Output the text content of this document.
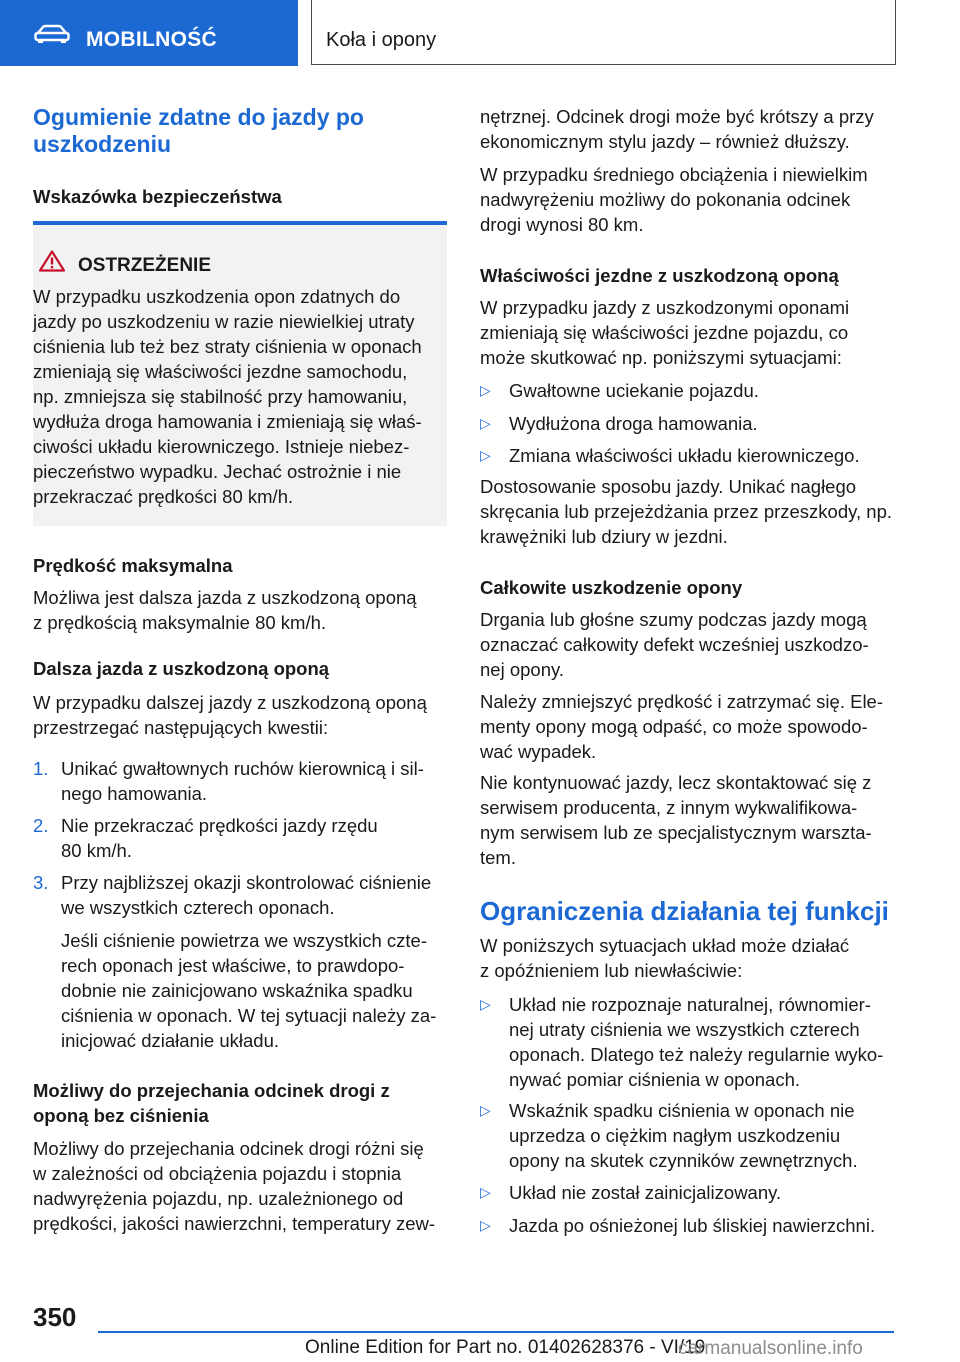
MOBILNOŚĆ	Koła i opony
Ogumienie zdatne do jazdy po uszkodzeniu
Wskazówka bezpieczeństwa
OSTRZEŻENIE
W przypadku uszkodzenia opon zdatnych do
jazdy po uszkodzeniu w razie niewielkiej utraty
ciśnienia lub też bez straty ciśnienia w oponach
zmieniają się właściwości jezdne samochodu,
np. zmniejsza się stabilność przy hamowaniu,
wydłuża droga hamowania i zmieniają się właś-
ciwości układu kierowniczego. Istnieje niebez-
pieczeństwo wypadku. Jechać ostrożnie i nie
przekraczać prędkości 80 km/h.
Prędkość maksymalna
Możliwa jest dalsza jazda z uszkodzoną oponą
z prędkością maksymalnie 80 km/h.
Dalsza jazda z uszkodzoną oponą
W przypadku dalszej jazdy z uszkodzoną oponą
przestrzegać następujących kwestii:
1. Unikać gwałtownych ruchów kierownicą i sil-
nego hamowania.
2. Nie przekraczać prędkości jazdy rzędu
80 km/h.
3. Przy najbliższej okazji skontrolować ciśnienie
we wszystkich czterech oponach.
Jeśli ciśnienie powietrza we wszystkich czte-
rech oponach jest właściwe, to prawdopo-
dobnie nie zainicjowano wskaźnika spadku
ciśnienia w oponach. W tej sytuacji należy za-
inicjować działanie układu.
Możliwy do przejechania odcinek drogi z
oponą bez ciśnienia
Możliwy do przejechania odcinek drogi różni się
w zależności od obciążenia pojazdu i stopnia
nadwyrężenia pojazdu, np. uzależnionego od
prędkości, jakości nawierzchni, temperatury zew-
nętrznej. Odcinek drogi może być krótszy a przy
ekonomicznym stylu jazdy – również dłuższy.
W przypadku średniego obciążenia i niewielkim
nadwyrężeniu możliwy do pokonania odcinek
drogi wynosi 80 km.
Właściwości jezdne z uszkodzoną oponą
W przypadku jazdy z uszkodzonymi oponami
zmieniają się właściwości jezdne pojazdu, co
może skutkować np. poniższymi sytuacjami:
▷ Gwałtowne uciekanie pojazdu.
▷ Wydłużona droga hamowania.
▷ Zmiana właściwości układu kierowniczego.
Dostosowanie sposobu jazdy. Unikać nagłego
skręcania lub przejeżdżania przez przeszkody, np.
krawężniki lub dziury w jezdni.
Całkowite uszkodzenie opony
Drgania lub głośne szumy podczas jazdy mogą
oznaczać całkowity defekt wcześniej uszkodzo-
nej opony.
Należy zmniejszyć prędkość i zatrzymać się. Ele-
menty opony mogą odpaść, co może spowodo-
wać wypadek.
Nie kontynuować jazdy, lecz skontaktować się z
serwisem producenta, z innym wykwalifikowa-
nym serwisem lub ze specjalistycznym warszta-
tem.
Ograniczenia działania tej funkcji
W poniższych sytuacjach układ może działać
z opóźnieniem lub niewłaściwie:
▷ Układ nie rozpoznaje naturalnej, równomier-
nej utraty ciśnienia we wszystkich czterech
oponach. Dlatego też należy regularnie wyko-
nywać pomiar ciśnienia w oponach.
▷ Wskaźnik spadku ciśnienia w oponach nie
uprzedza o ciężkim nagłym uszkodzeniu
opony na skutek czynników zewnętrznych.
▷ Układ nie został zainicjalizowany.
▷ Jazda po ośnieżonej lub śliskiej nawierzchni.
350
Online Edition for Part no. 01402628376 - VI/19
carmanualsonline.info
